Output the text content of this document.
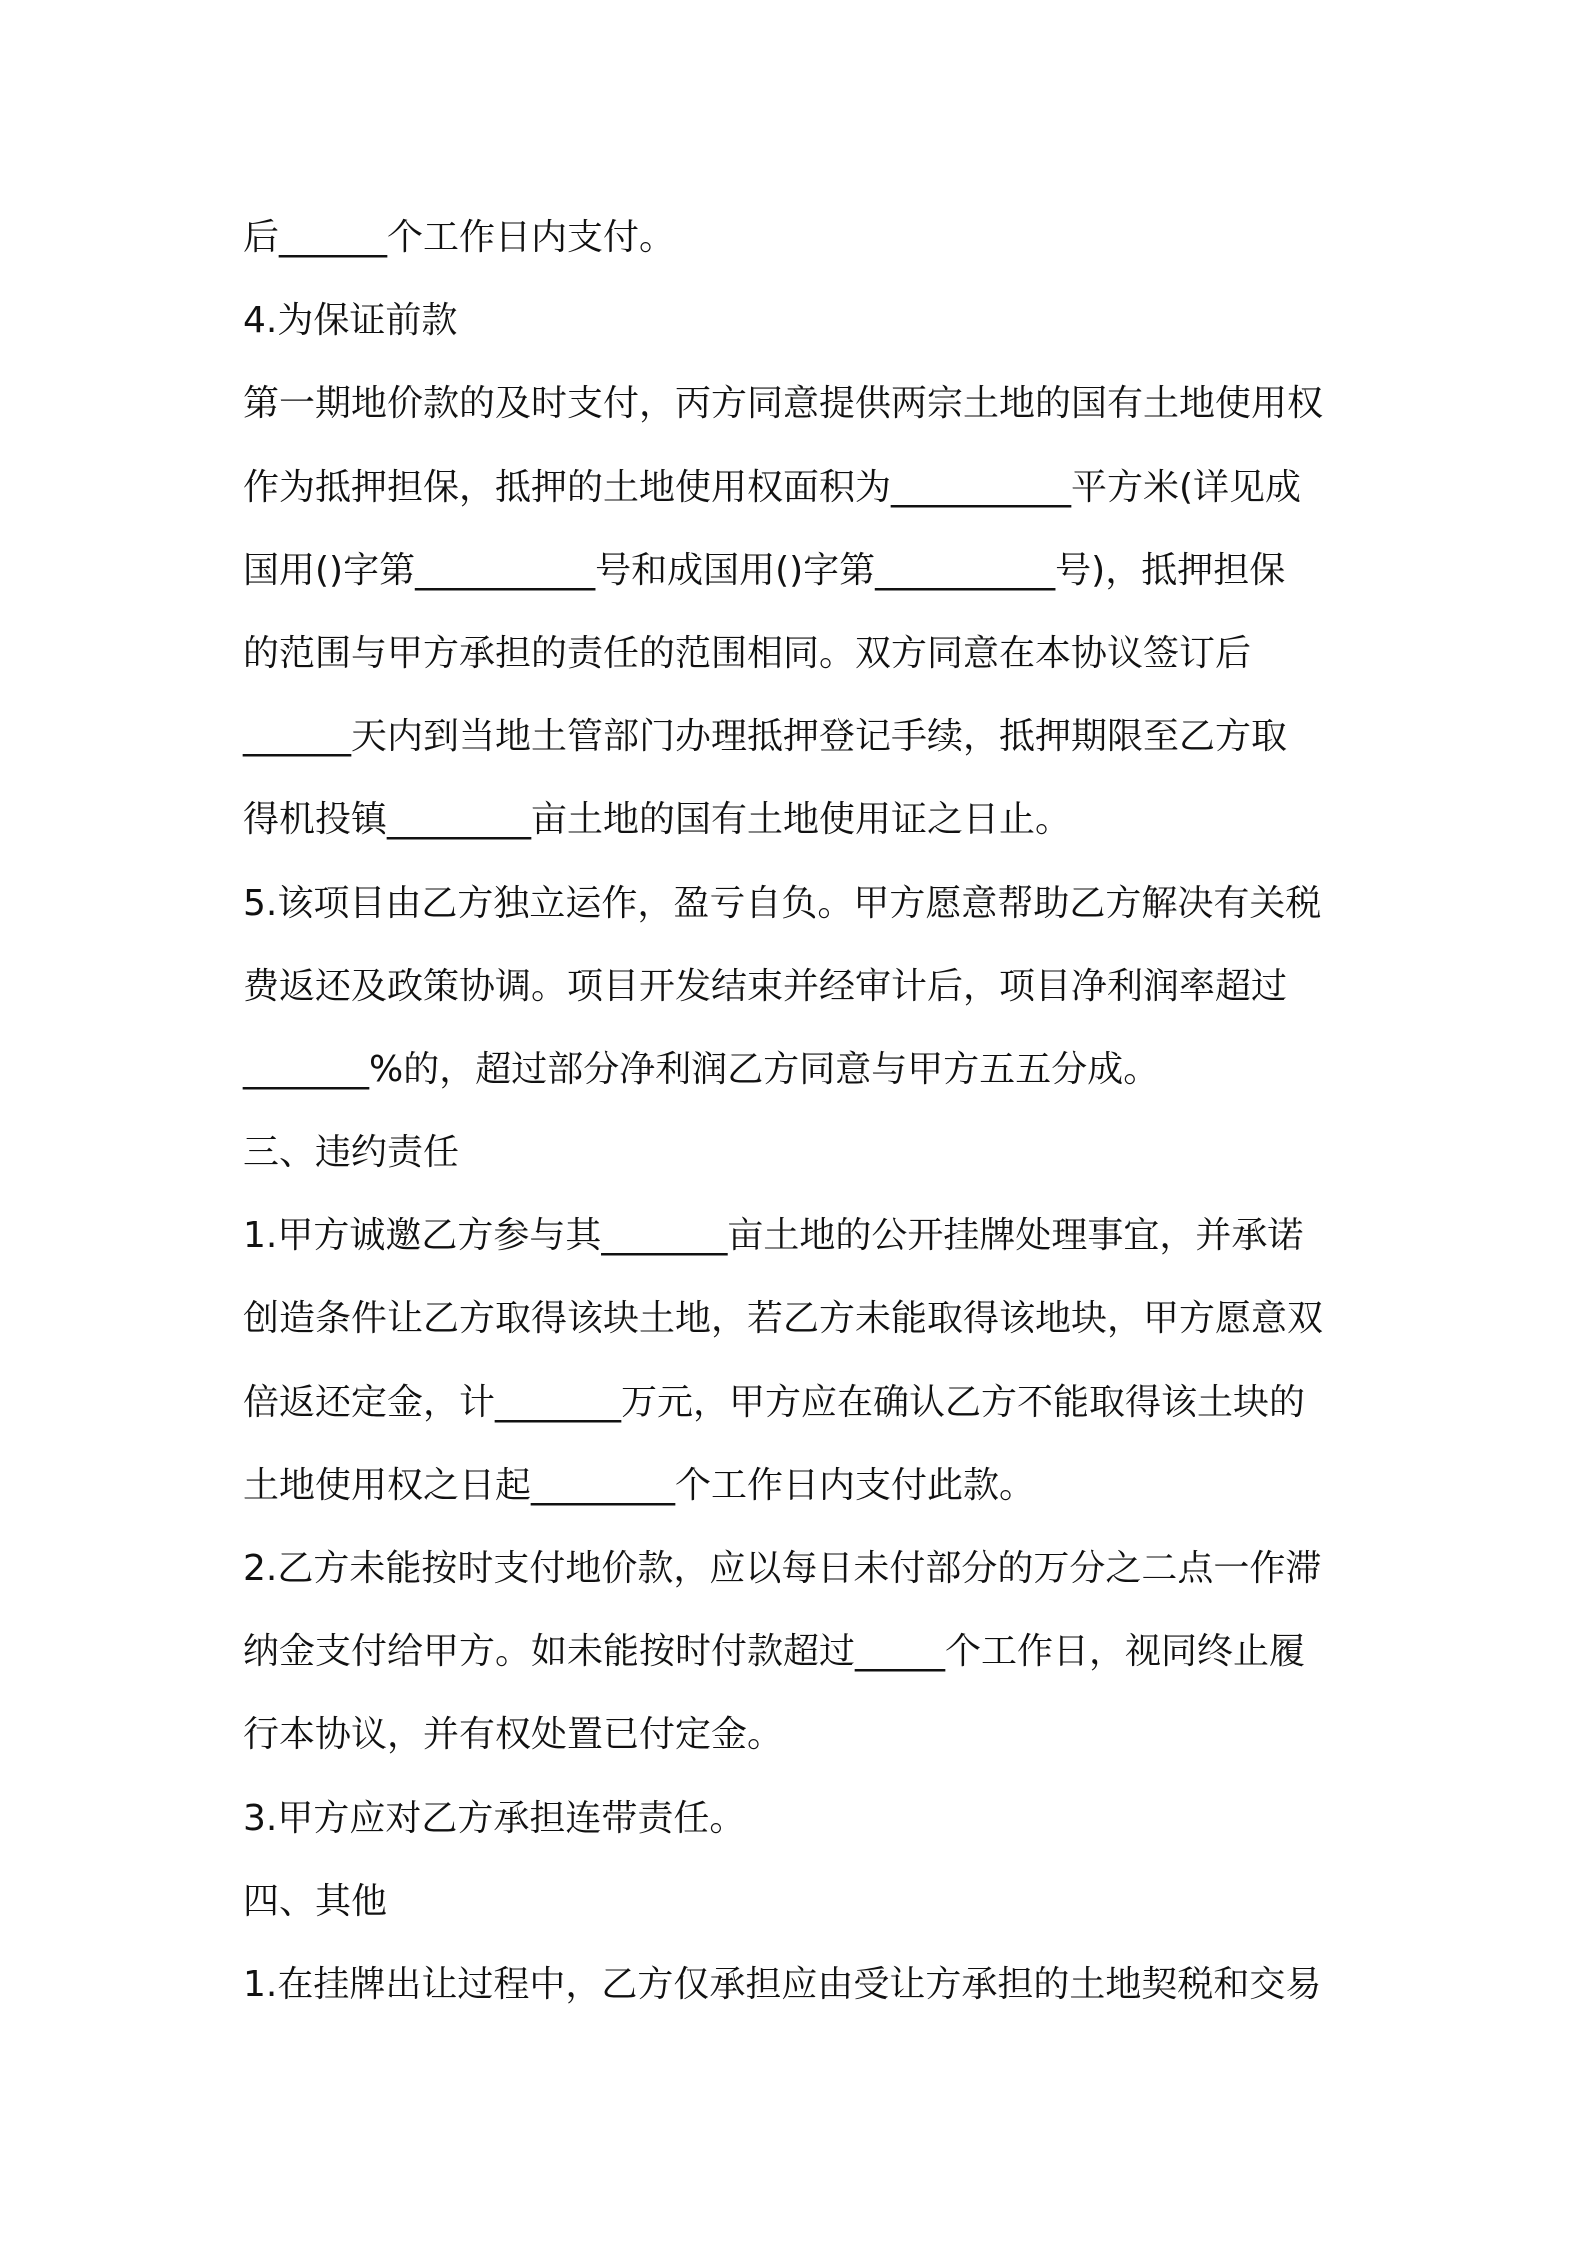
后______个工作日内支付。
4.为保证前款
第一期地价款的及时支付，丙方同意提供两宗土地的国有土地使用权
作为抵押担保，抵押的土地使用权面积为__________平方米(详见成
国用()字第__________号和成国用()字第__________号)，抵押担保
的范围与甲方承担的责任的范围相同。双方同意在本协议签订后
______天内到当地土管部门办理抵押登记手续，抵押期限至乙方取
得机投镇________亩土地的国有土地使用证之日止。
5.该项目由乙方独立运作，盈亏自负。甲方愿意帮助乙方解决有关税
费返还及政策协调。项目开发结束并经审计后，项目净利润率超过
_______%的，超过部分净利润乙方同意与甲方五五分成。
三、违约责任
1.甲方诚邀乙方参与其_______亩土地的公开挂牌处理事宜，并承诺
创造条件让乙方取得该块土地，若乙方未能取得该地块，甲方愿意双
倍返还定金，计_______万元，甲方应在确认乙方不能取得该土块的
土地使用权之日起________个工作日内支付此款。
2.乙方未能按时支付地价款，应以每日未付部分的万分之二点一作滞
纳金支付给甲方。如未能按时付款超过_____个工作日，视同终止履
行本协议，并有权处置已付定金。
3.甲方应对乙方承担连带责任。
四、其他
1.在挂牌出让过程中，乙方仅承担应由受让方承担的土地契税和交易
